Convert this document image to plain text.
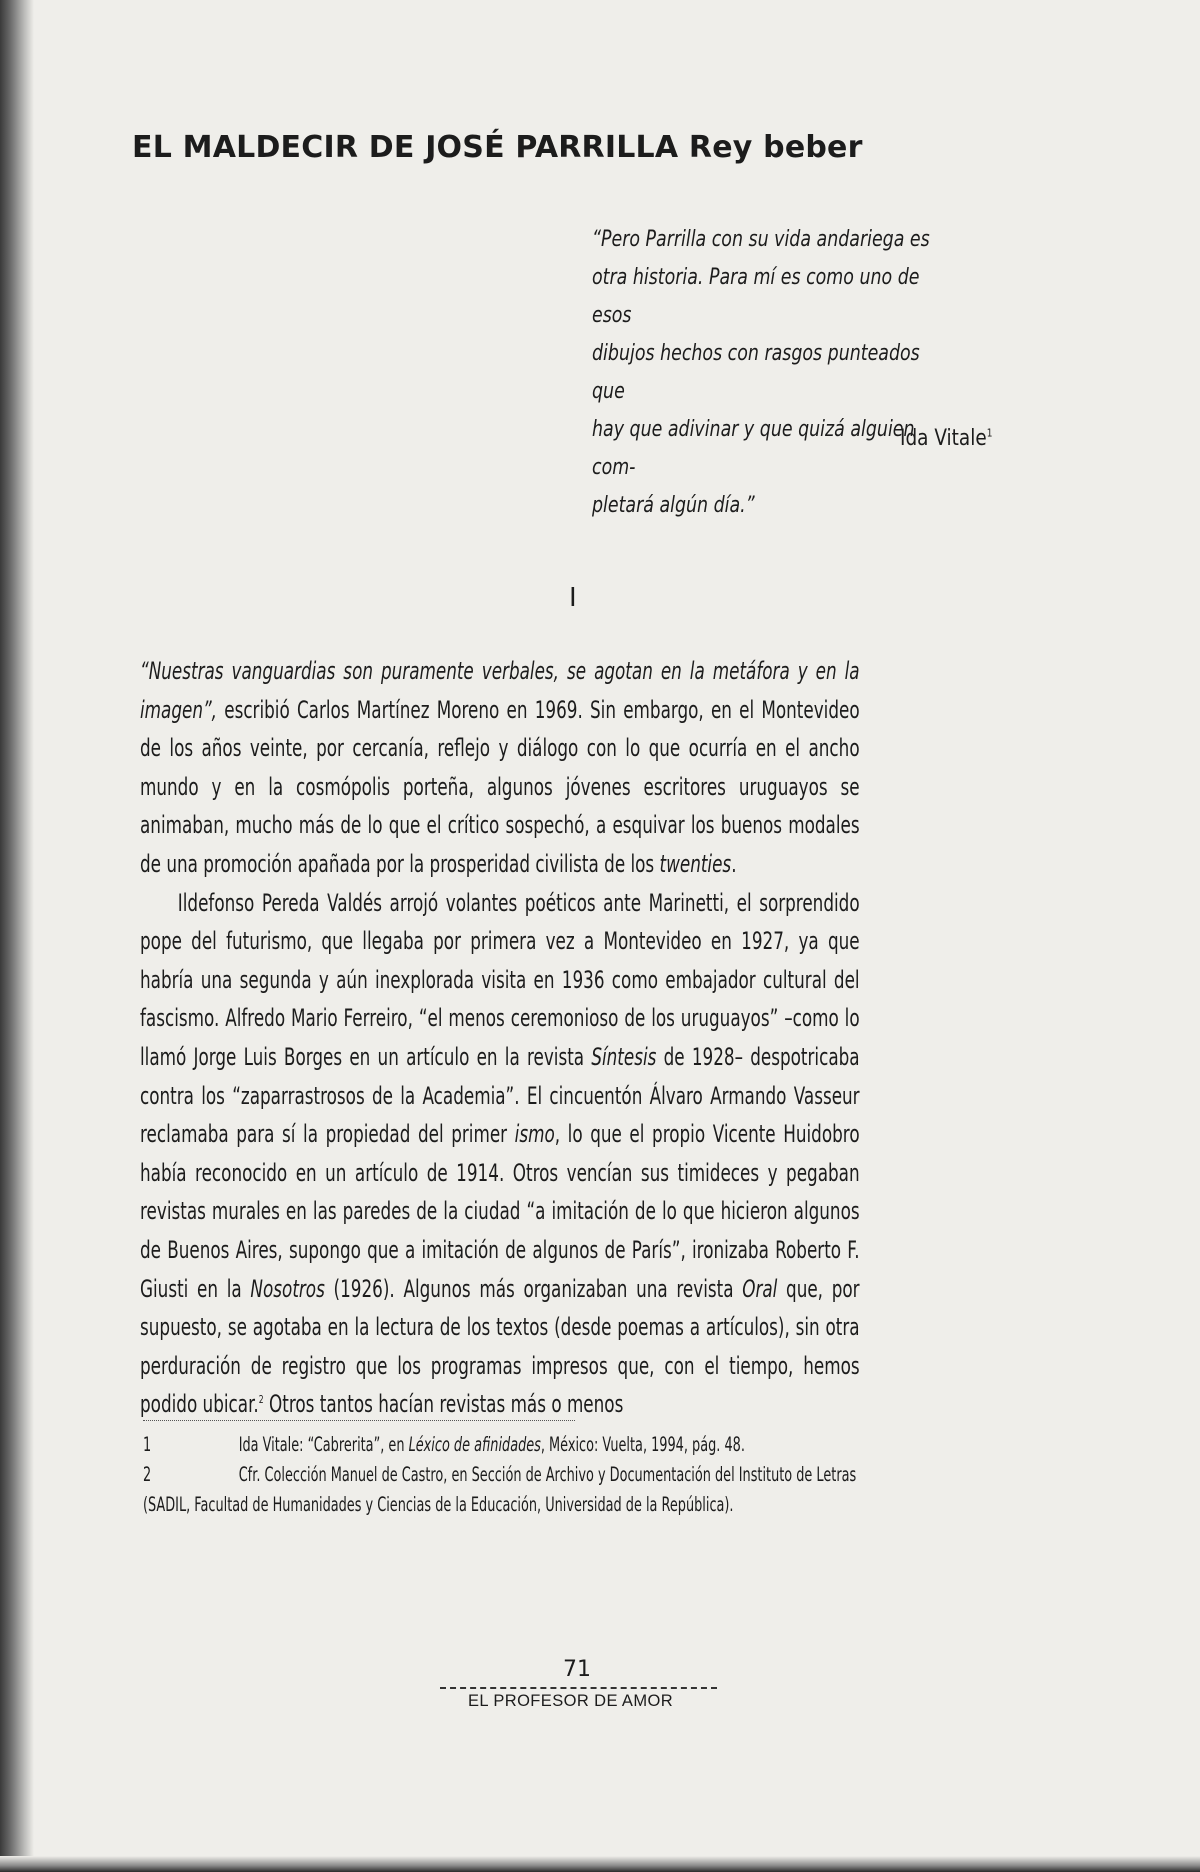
EL MALDECIR DE JOSÉ PARRILLA Rey beber

“Pero Parrilla con su vida andariega es

otra historia. Para mí es como uno de esos

dibujos hechos con rasgos punteados que

hay que adivinar y que quizá alguien com-

pletará algún día.”

Ida Vitale$^1$
I

“Nuestras vanguardias son puramente verbales, se agotan en la metáfora y en la imagen”, escribió Carlos Martínez Moreno en 1969. Sin embargo, en el Montevideo de los años veinte, por cercanía, reflejo y diálogo con lo que ocurría en el ancho mundo y en la cosmópolis porteña, algunos jóvenes escritores uruguayos se animaban, mucho más de lo que el crítico sospechó, a esquivar los buenos modales de una promoción apañada por la prosperidad civilista de los twenties.

Ildefonso Pereda Valdés arrojó volantes poéticos ante Marinetti, el sorprendido pope del futurismo, que llegaba por primera vez a Montevideo en 1927, ya que habría una segunda y aún inexplorada visita en 1936 como embajador cultural del fascismo. Alfredo Mario Ferreiro, “el menos ceremonioso de los uruguayos” –como lo llamó Jorge Luis Borges en un artículo en la revista Síntesis de 1928– despotricaba contra los “zaparrastrosos de la Academia”. El cincuentón Álvaro Armando Vasseur reclamaba para sí la propiedad del primer ismo, lo que el propio Vicente Huidobro había reconocido en un artículo de 1914. Otros vencían sus timideces y pegaban revistas murales en las paredes de la ciudad “a imitación de lo que hicieron algunos de Buenos Aires, supongo que a imitación de algunos de París”, ironizaba Roberto F. Giusti en la Nosotros (1926). Algunos más organizaban una revista Oral que, por supuesto, se agotaba en la lectura de los textos (desde poemas a artículos), sin otra perduración de registro que los programas impresos que, con el tiempo, hemos podido ubicar.$^2$ Otros tantos hacían revistas más o menos

1	Ida Vitale: “Cabrerita”, en Léxico de afinidades, México: Vuelta, 1994, pág. 48.

2	Cfr. Colección Manuel de Castro, en Sección de Archivo y Documentación del Instituto de Letras (SADIL, Facultad de Humanidades y Ciencias de la Educación, Universidad de la República).

71
EL PROFESOR DE AMOR
